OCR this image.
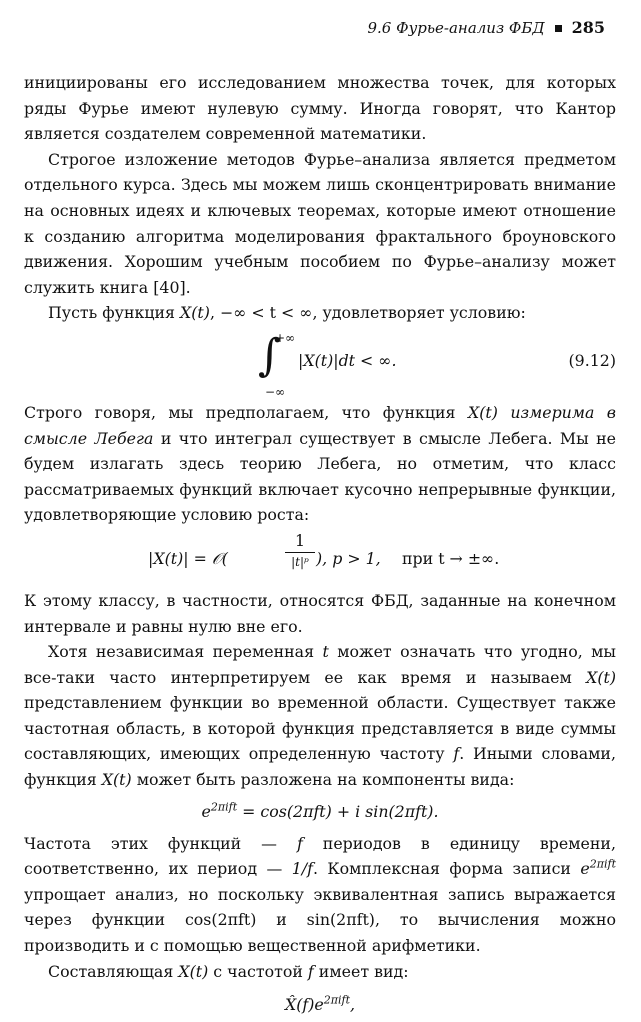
9.6 Фурье-анализ ФБД 285

инициированы его исследованием множества точек, для которых ряды Фурье имеют нулевую сумму. Иногда говорят, что Кантор является создателем современной математики.

Строгое изложение методов Фурье–анализа является предметом отдельного курса. Здесь мы можем лишь сконцентрировать внимание на основных идеях и ключевых теоремах, которые имеют отношение к созданию алгоритма моделирования фрактального броуновского движения. Хорошим учебным пособием по Фурье–анализу может служить книга [40].

Пусть функция X(t), −∞ < t < ∞, удовлетворяет условию:

+∞
∫
−∞
|X(t)|dt < ∞.	(9.12)

Строго говоря, мы предполагаем, что функция X(t) измерима в смысле Лебега и что интеграл существует в смысле Лебега. Мы не будем излагать здесь теорию Лебега, но отметим, что класс рассматриваемых функций включает кусочно непрерывные функции, удовлетворяющие условию роста:

|X(t)| = 𝒪(
1
|t|ᵖ ), p > 1, при t → ±∞.

К этому классу, в частности, относятся ФБД, заданные на конечном интервале и равны нулю вне его.

Хотя независимая переменная t может означать что угодно, мы все-таки часто интерпретируем ее как время и называем X(t) представлением функции во временной области. Существует также частотная область, в которой функция представляется в виде суммы составляющих, имеющих определенную частоту f. Иными словами, функция X(t) может быть разложена на компоненты вида:

$e^{2\pi ift} = \cos(2\pi ft) + i$ sin(2πft).

Частота этих функций — f периодов в единицу времени, соответственно, их период — 1/f. Комплексная форма записи $e^{2\pi ift}$ упрощает анализ, но поскольку эквивалентная запись выражается через функции cos(2πft) и sin(2πft), то вычисления можно производить и с помощью вещественной арифметики.

Составляющая X(t) с частотой f имеет вид:

$X̂(f)e^{2\pi ift}$,
